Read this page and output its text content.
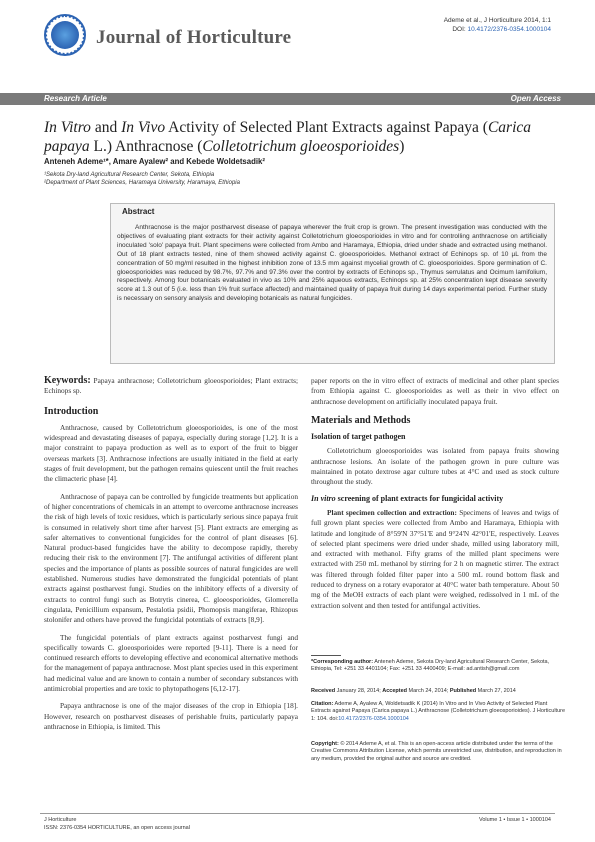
Journal of Horticulture
Ademe et al., J Horticulture 2014, 1:1
DOI: 10.4172/2376-0354.1000104
Research Article	Open Access
In Vitro and In Vivo Activity of Selected Plant Extracts against Papaya (Carica papaya L.) Anthracnose (Colletotrichum gloeosporioides)
Anteneh Ademe¹*, Amare Ayalew² and Kebede Woldetsadik²
¹Sekota Dry-land Agricultural Research Center, Sekota, Ethiopia
²Department of Plant Sciences, Haramaya University, Haramaya, Ethiopia
Abstract
Anthracnose is the major postharvest disease of papaya wherever the fruit crop is grown. The present investigation was conducted with the objectives of evaluating plant extracts for their activity against Colletotrichum gloeosporioides in vitro and for controlling anthracnose on artificially inoculated 'solo' papaya fruit. Plant specimens were collected from Ambo and Haramaya, Ethiopia, dried under shade and extracted using methanol. Out of 18 plant extracts tested, nine of them showed activity against C. gloeosporioides. Methanol extract of Echinops sp. of 10 µL from the concentration of 50 mg/ml resulted in the highest inhibition zone of 13.5 mm against mycelial growth of C. gloeosporioides. Spore germination of C. gloeosporioides was reduced by 98.7%, 97.7% and 97.3% over the control by extracts of Echinops sp., Thymus serrulatus and Ocimum lamifolium, respectively. Among four botanicals evaluated in vivo as 10% and 25% aqueous extracts, Echinops sp. at 25% concentration kept disease severity score at 1.3 out of 5 (i.e. less than 1% fruit surface affected) and maintained quality of papaya fruit during 14 days experimental period. Further study is necessary on sensory analysis and developing botanicals as natural fungicides.

Keywords: Papaya anthracnose; Colletotrichum gloeosporioides; Plant extracts; Echinops sp.

Introduction

Anthracnose, caused by Colletotrichum gloeosporioides, is one of the most widespread and devastating diseases of papaya, especially during storage [1,2]. It is a major constraint to papaya production as well as to export of the fruit to bigger overseas markets [3]. Anthracnose infections are usually initiated in the field at early stages of fruit development, but the pathogen remains quiescent until the fruit reaches the climacteric phase [4].

Anthracnose of papaya can be controlled by fungicide treatments but application of higher concentrations of chemicals in an attempt to overcome anthracnose increases the risk of high levels of toxic residues, which is particularly serious since papaya fruit is consumed in relatively short time after harvest [5]. Plant extracts are emerging as safer alternatives to conventional fungicides for the control of plant diseases [6]. Natural product-based fungicides have the ability to decompose rapidly, thereby reducing their risk to the environment [7]. The antifungal activities of different plant species and the importance of plants as possible sources of natural fungicides are well established. Numerous studies have demonstrated the fungicidal potentials of plant extracts against postharvest fungi. Studies on the inhibitory effects of a diversity of extracts to control fungi such as Botrytis cinerea, C. gloeosporioides, Glomerella cingulata, Penicillium expansum, Pestalotia psidii, Phomopsis mangiferae, Rhizopus stolonifer and others have proved the fungicidal potentials of extracts [8,9].

The fungicidal potentials of plant extracts against postharvest fungi and specifically towards C. gloeosporioides were reported [9-11]. There is a need for continued research efforts to developing effective and economical alternative methods for the management of papaya anthracnose. Most plant species used in this experiment had medicinal value and are known to contain a number of secondary substances with antimicrobial properties and are toxic to phytopathogens [6,12-17].

Papaya anthracnose is one of the major diseases of the crop in Ethiopia [18]. However, research on postharvest diseases of perishable fruits, particularly papaya anthracnose in Ethiopia, is limited. This

paper reports on the in vitro effect of extracts of medicinal and other plant species from Ethiopia against C. gloeosporioides as well as their in vivo effect on anthracnose development on artificially inoculated papaya fruit.

Materials and Methods
Isolation of target pathogen

Colletotrichum gloeosporioides was isolated from papaya fruits showing anthracnose lesions. An isolate of the pathogen grown in pure culture was maintained in potato dextrose agar culture tubes at 4°C and used as stock culture throughout the study.

In vitro screening of plant extracts for fungicidal activity

Plant specimen collection and extraction: Specimens of leaves and twigs of full grown plant species were collected from Ambo and Haramaya, Ethiopia with latitude and longitude of 8°59'N 37°51'E and 9°24'N 42°01'E, respectively. Leaves of selected plant specimens were dried under shade, milled using laboratory mill, and extracted with methanol. Fifty grams of the milled plant specimens were extracted with 250 mL methanol by stirring for 2 h on magnetic stirrer. The extract was filtered through folded filter paper into a 500 mL round bottom flask and reduced to dryness on a rotary evaporator at 40°C water bath temperature. About 50 mg of the MeOH extracts of each plant were weighed, redissolved in 1 mL of the extraction solvent and then tested for antifungal activities.

*Corresponding author: Anteneh Ademe, Sekota Dry-land Agricultural Research Center, Sekota, Ethiopia, Tel: +251 33 4401104; Fax: +251 33 4400409; E-mail: ad.antish@gmail.com
Received January 28, 2014; Accepted March 24, 2014; Published March 27, 2014
Citation: Ademe A, Ayalew A, Woldetsadik K (2014) In Vitro and In Vivo Activity of Selected Plant Extracts against Papaya (Carica papaya L.) Anthracnose (Colletotrichum gloeosporioides). J Horticulture 1: 104. doi:10.4172/2376-0354.1000104
Copyright: © 2014 Ademe A, et al. This is an open-access article distributed under the terms of the Creative Commons Attribution License, which permits unrestricted use, distribution, and reproduction in any medium, provided the original author and source are credited.
J Horticulture
ISSN: 2376-0354 HORTICULTURE, an open access journal
Volume 1 • Issue 1 • 1000104
